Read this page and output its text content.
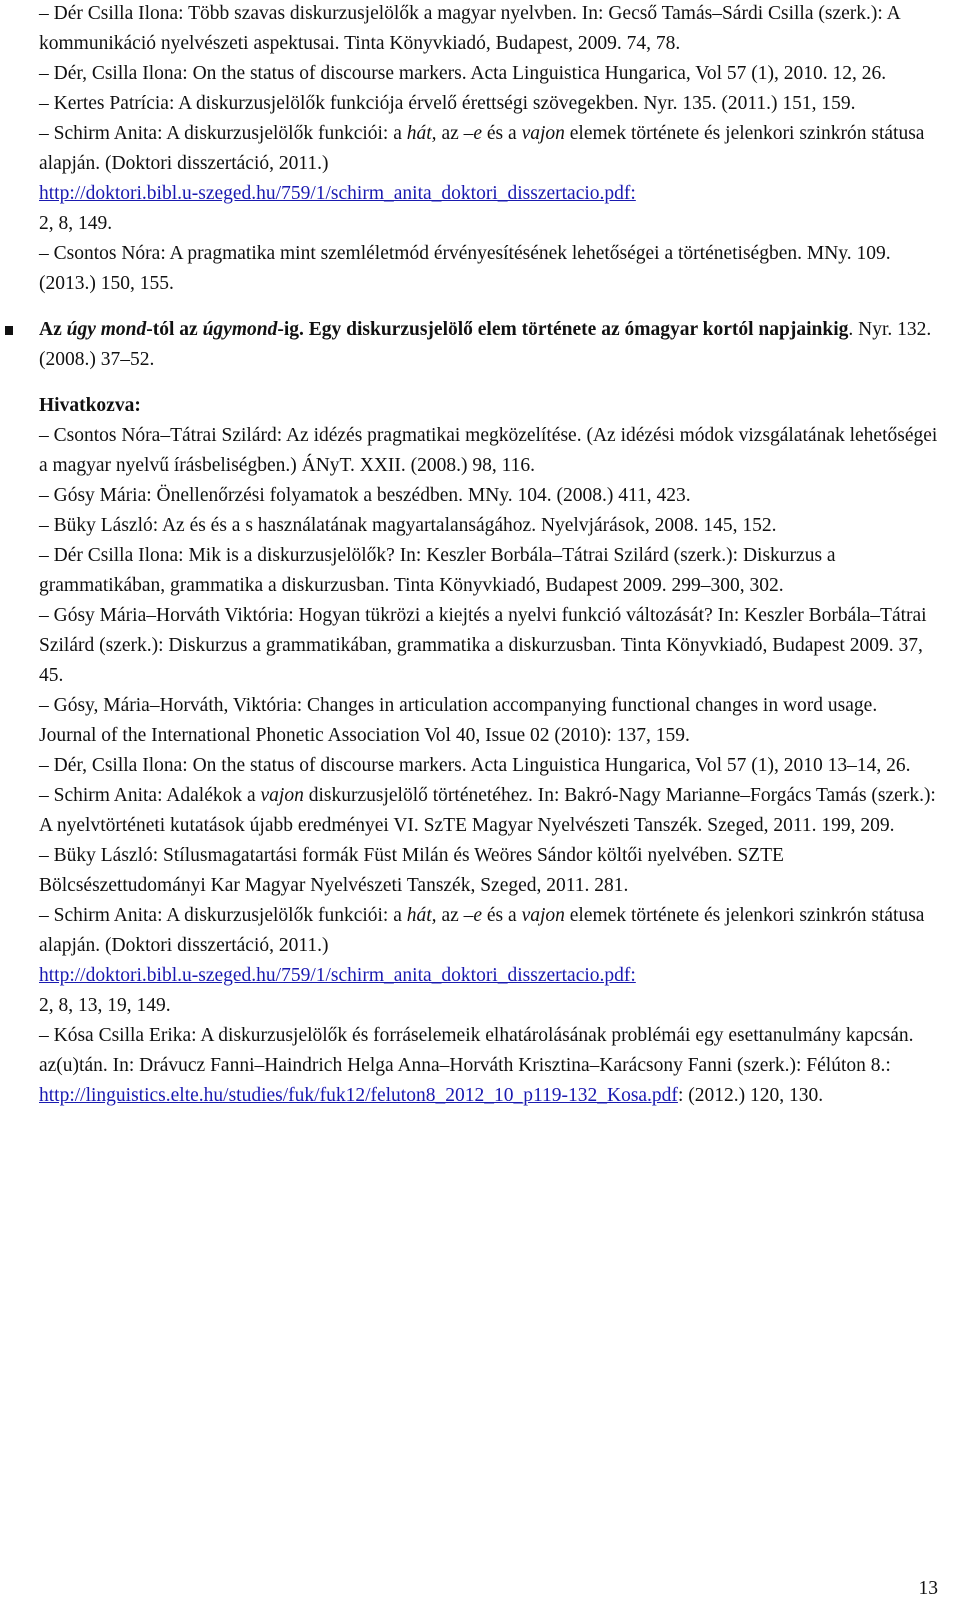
– Dér Csilla Ilona: Több szavas diskurzusjelölők a magyar nyelvben. In: Gecső Tamás–Sárdi Csilla (szerk.): A kommunikáció nyelvészeti aspektusai. Tinta Könyvkiadó, Budapest, 2009. 74, 78.

– Dér, Csilla Ilona: On the status of discourse markers. Acta Linguistica Hungarica, Vol 57 (1), 2010. 12, 26.

– Kertes Patrícia: A diskurzusjelölők funkciója érvelő érettségi szövegekben. Nyr. 135. (2011.) 151, 159.

– Schirm Anita: A diskurzusjelölők funkciói: a hát, az –e és a vajon elemek története és jelenkori szinkrón státusa alapján. (Doktori disszertáció, 2011.)
http://doktori.bibl.u-szeged.hu/759/1/schirm_anita_doktori_disszertacio.pdf:
2, 8, 149.

– Csontos Nóra: A pragmatika mint szemléletmód érvényesítésének lehetőségei a történetiségben. MNy. 109. (2013.) 150, 155.

Az úgy mond-tól az úgymond-ig. Egy diskurzusjelölő elem története az ómagyar kortól napjainkig. Nyr. 132. (2008.) 37–52.

Hivatkozva:

– Csontos Nóra–Tátrai Szilárd: Az idézés pragmatikai megközelítése. (Az idézési módok vizsgálatának lehetőségei a magyar nyelvű írásbeliségben.) ÁNyT. XXII. (2008.) 98, 116.

– Gósy Mária: Önellenőrzési folyamatok a beszédben. MNy. 104. (2008.) 411, 423.

– Büky László: Az és és a s használatának magyartalanságához. Nyelvjárások, 2008. 145, 152.

– Dér Csilla Ilona: Mik is a diskurzusjelölők? In: Keszler Borbála–Tátrai Szilárd (szerk.): Diskurzus a grammatikában, grammatika a diskurzusban. Tinta Könyvkiadó, Budapest 2009. 299–300, 302.

– Gósy Mária–Horváth Viktória: Hogyan tükrözi a kiejtés a nyelvi funkció változását? In: Keszler Borbála–Tátrai Szilárd (szerk.): Diskurzus a grammatikában, grammatika a diskurzusban. Tinta Könyvkiadó, Budapest 2009. 37, 45.

– Gósy, Mária–Horváth, Viktória: Changes in articulation accompanying functional changes in word usage. Journal of the International Phonetic Association Vol 40, Issue 02 (2010): 137, 159.

– Dér, Csilla Ilona: On the status of discourse markers. Acta Linguistica Hungarica, Vol 57 (1), 2010 13–14, 26.

– Schirm Anita: Adalékok a vajon diskurzusjelölő történetéhez. In: Bakró-Nagy Marianne–Forgács Tamás (szerk.): A nyelvtörténeti kutatások újabb eredményei VI. SzTE Magyar Nyelvészeti Tanszék. Szeged, 2011. 199, 209.

– Büky László: Stílusmagatartási formák Füst Milán és Weöres Sándor költői nyelvében. SZTE Bölcsészettudományi Kar Magyar Nyelvészeti Tanszék, Szeged, 2011. 281.

– Schirm Anita: A diskurzusjelölők funkciói: a hát, az –e és a vajon elemek története és jelenkori szinkrón státusa alapján. (Doktori disszertáció, 2011.)
http://doktori.bibl.u-szeged.hu/759/1/schirm_anita_doktori_disszertacio.pdf:
2, 8, 13, 19, 149.

– Kósa Csilla Erika: A diskurzusjelölők és forráselemeik elhatárolásának problémái egy esettanulmány kapcsán. az(u)tán. In: Drávucz Fanni–Haindrich Helga Anna–Horváth Krisztina–Karácsony Fanni (szerk.): Félúton 8.:
http://linguistics.elte.hu/studies/fuk/fuk12/feluton8_2012_10_p119-132_Kosa.pdf: (2012.) 120, 130.

13
